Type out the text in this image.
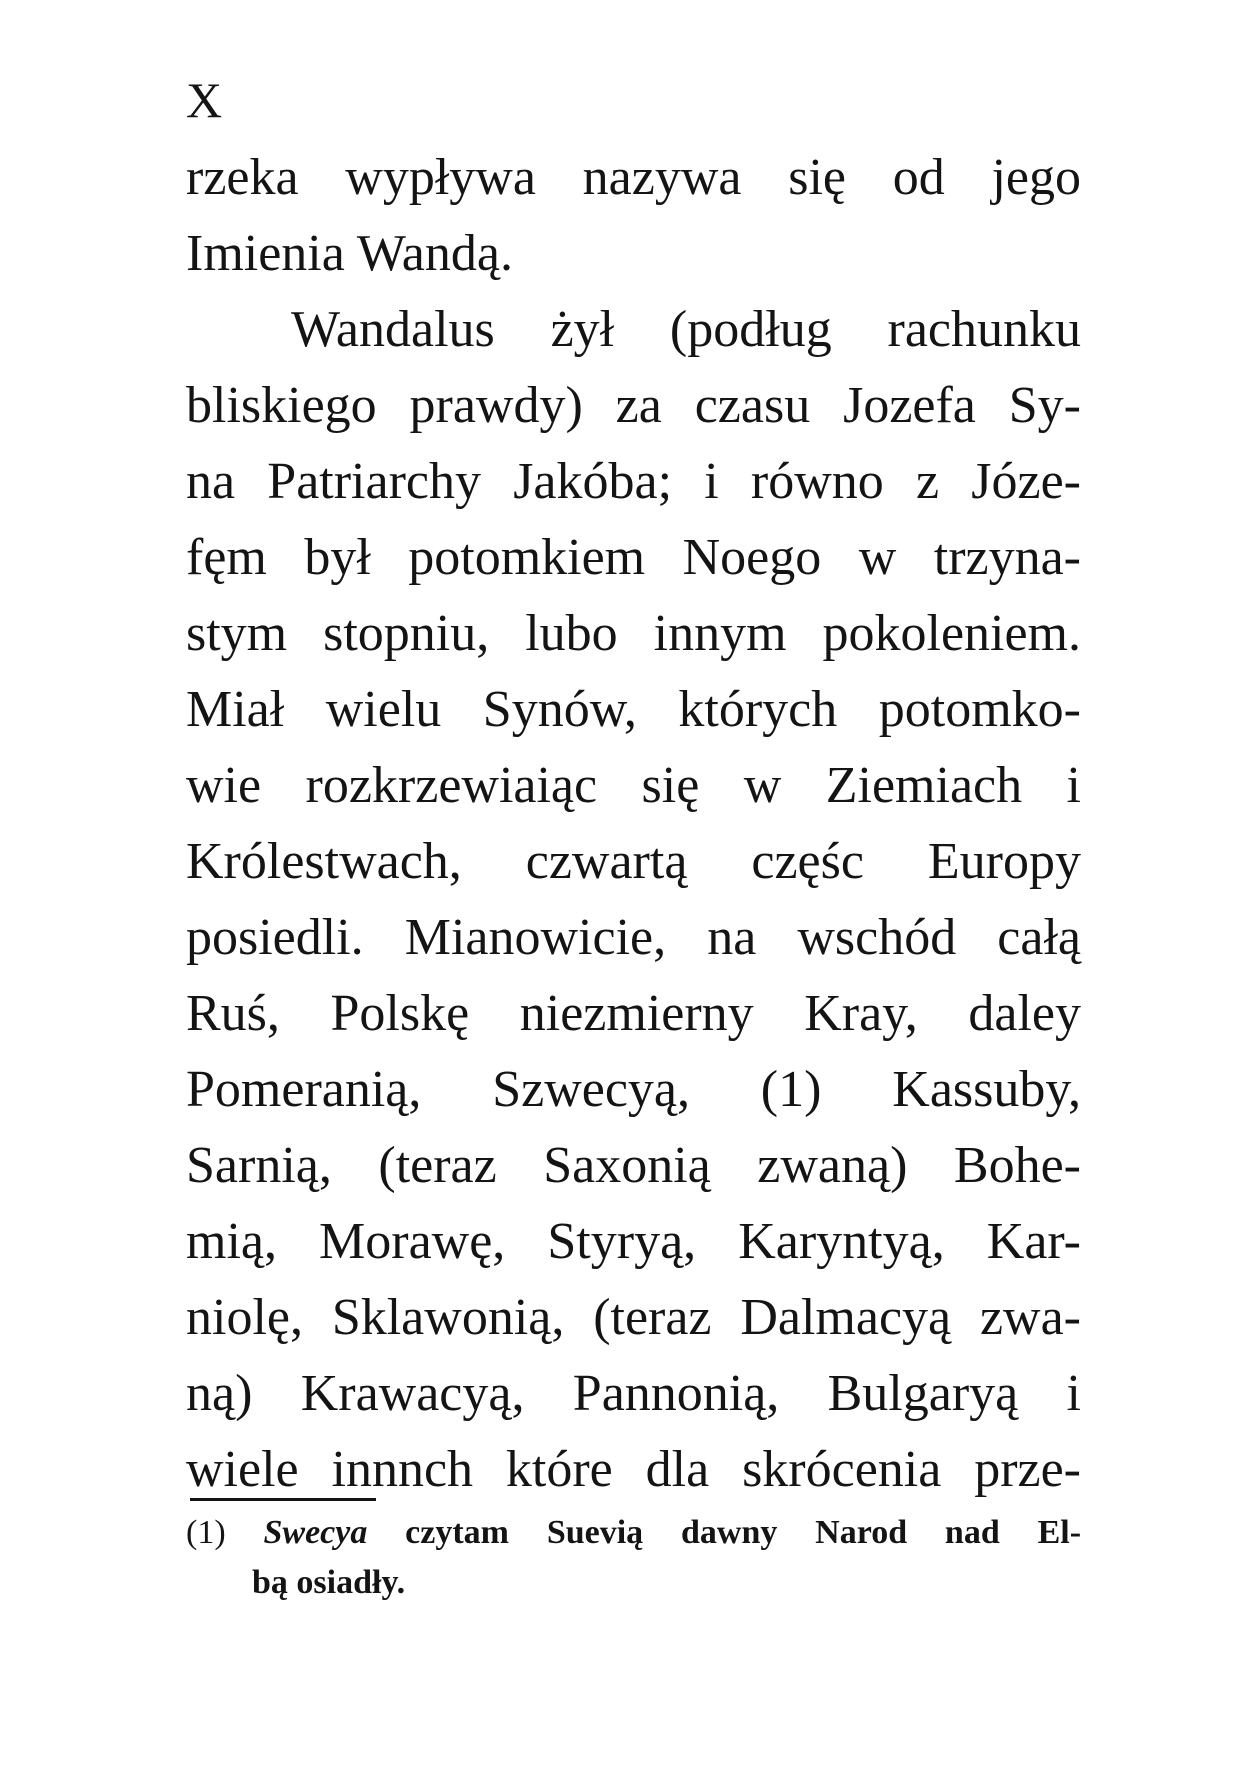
X
rzeka wypływa nazywa się od jego
Imienia Wandą.
Wandalus żył (podług rachunku
bliskiego prawdy) za czasu Jozefa Sy-
na Patriarchy Jakóba; i równo z Józe-
fęm był potomkiem Noego w trzyna-
stym stopniu, lubo innym pokoleniem.
Miał wielu Synów, których potomko-
wie rozkrzewiaiąc się w Ziemiach i
Królestwach, czwartą częśc Europy
posiedli. Mianowicie, na wschód całą
Ruś, Polskę niezmierny Kray, daley
Pomeranią, Szwecyą, (1) Kassuby,
Sarnią, (teraz Saxonią zwaną) Bohe-
mią, Morawę, Styryą, Karyntyą, Kar-
niolę, Sklawonią, (teraz Dalmacyą zwa-
ną) Krawacyą, Pannonią, Bulgaryą i
wiele innnch które dla skrócenia prze-
(1) Swecya czytam Suevią dawny Narod nad El-
bą osiadły.
